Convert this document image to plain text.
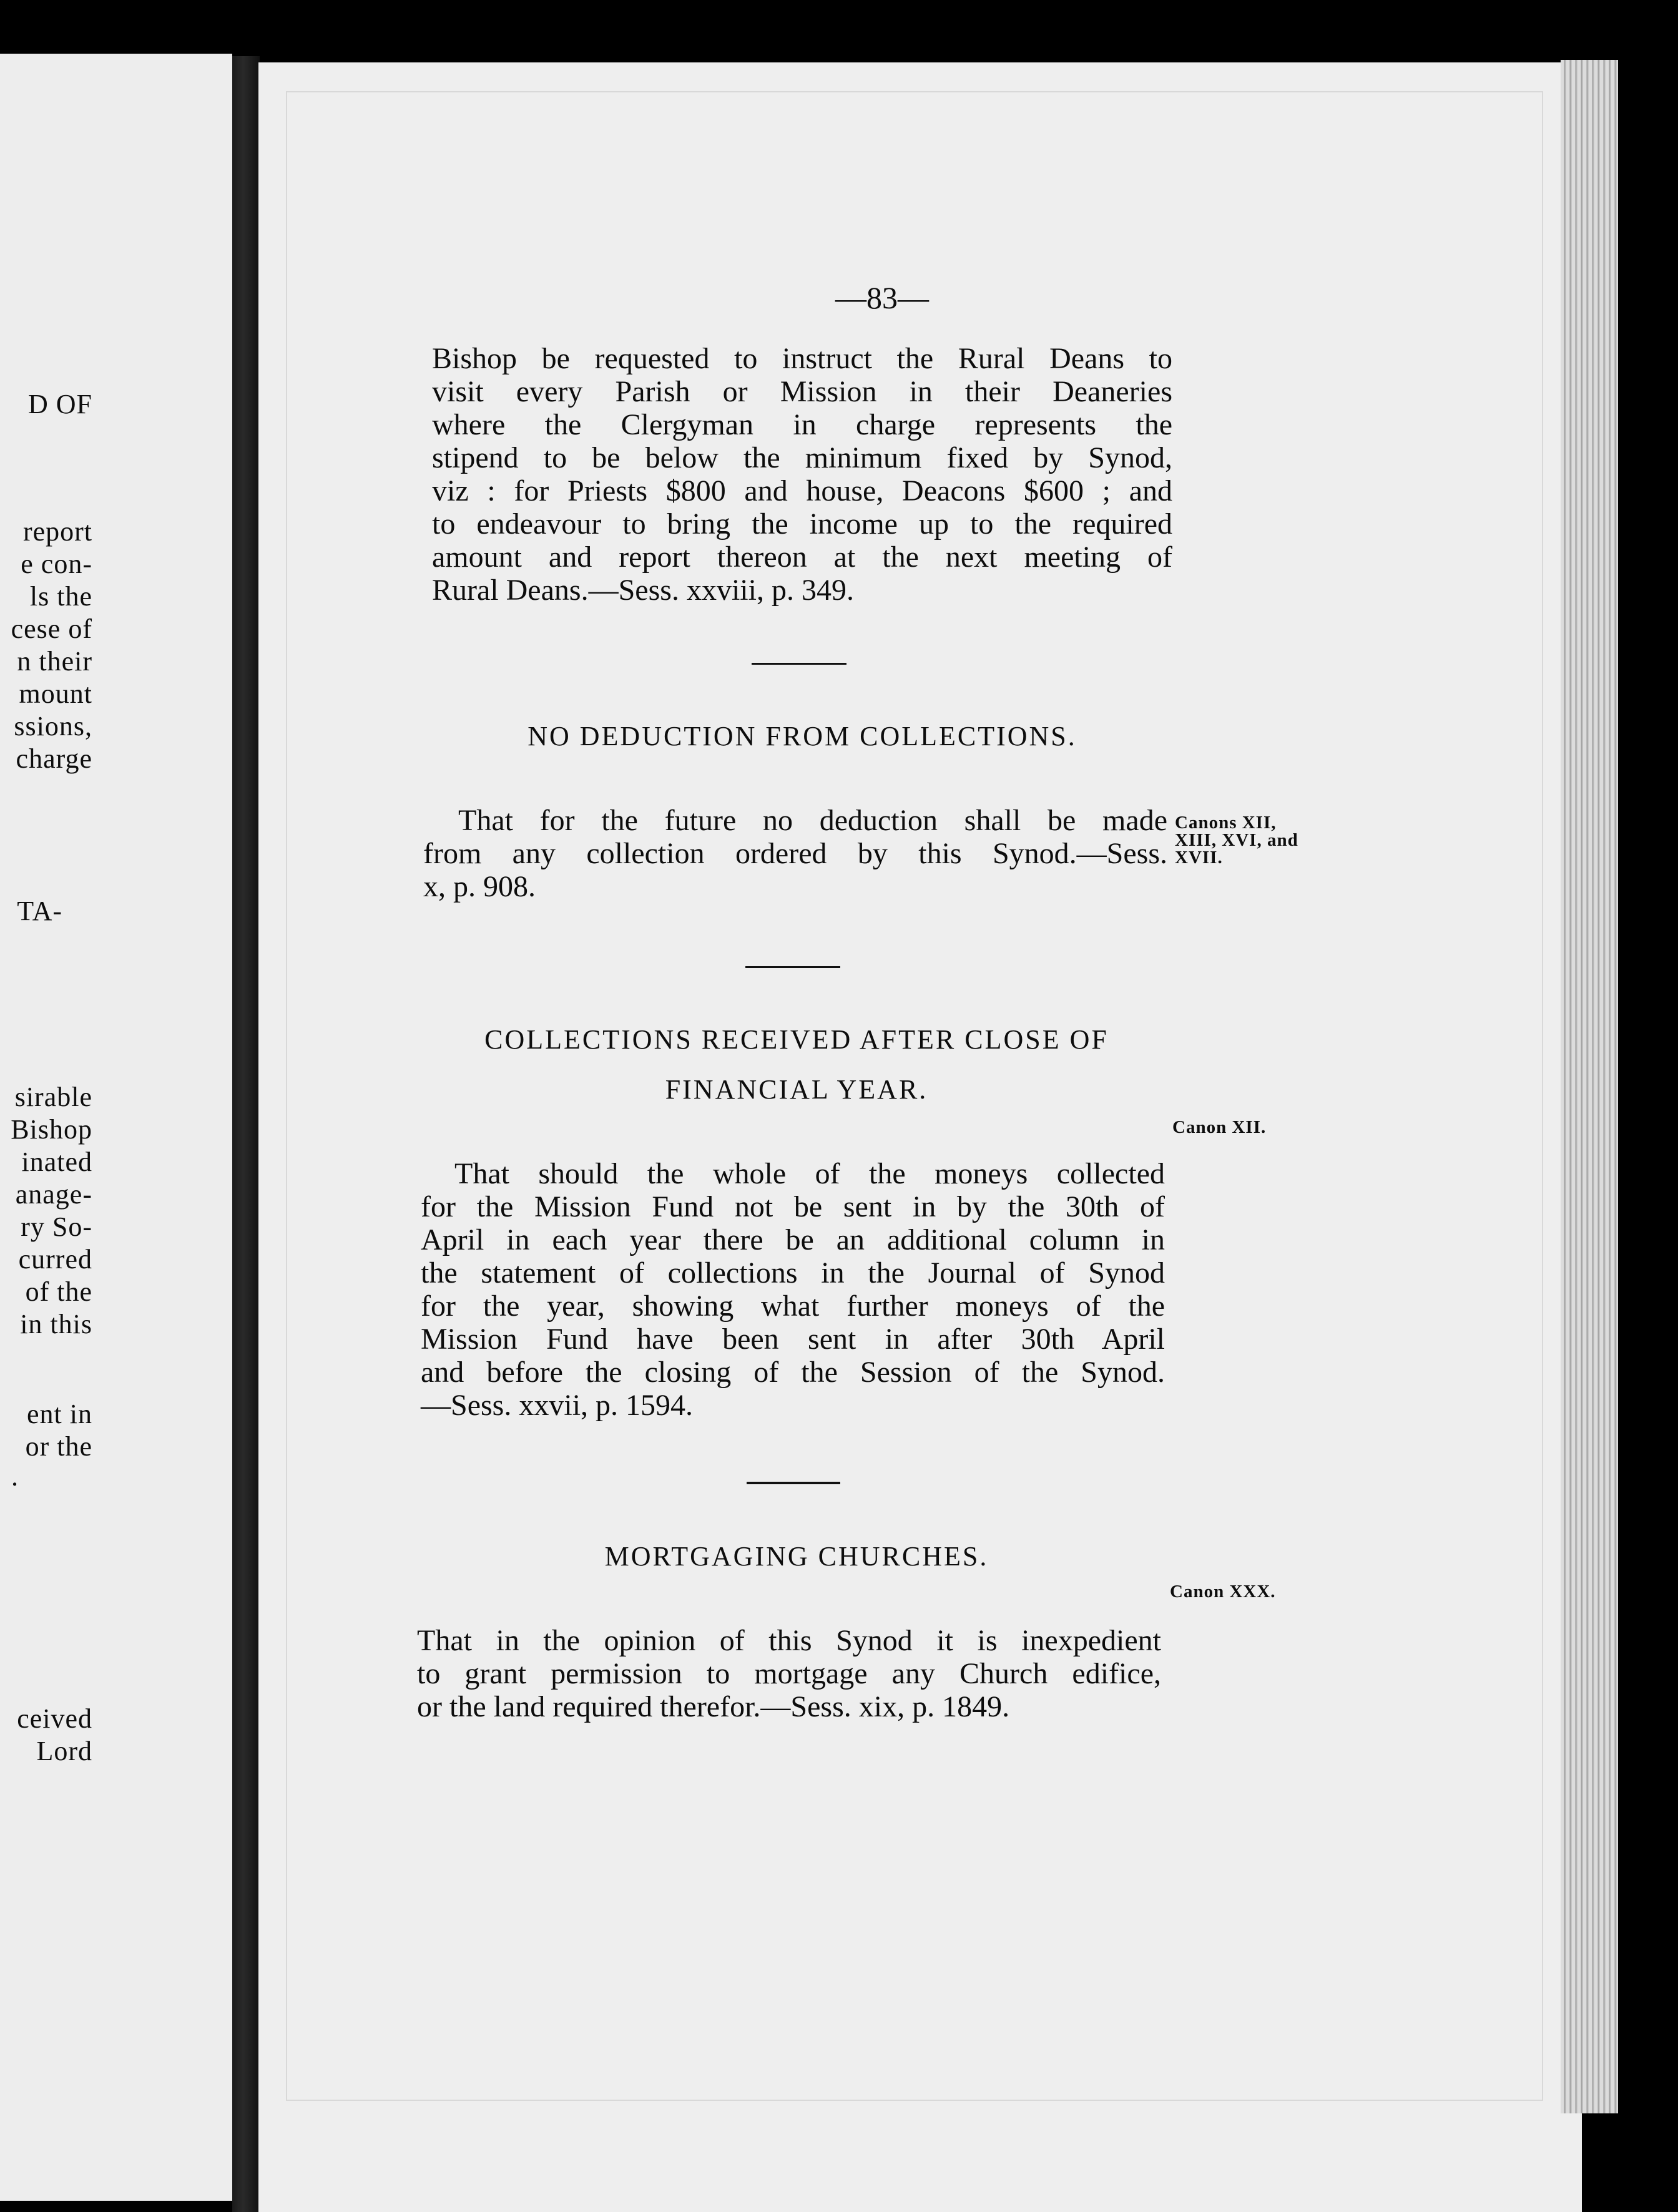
D OF
report
e con-
ls the
cese of
n their
mount
ssions,
charge
TA-
sirable
Bishop
inated
anage-
ry So-
curred
of the
in this
ent in
or the
.
ceived
Lord
—83—
Bishop be requested to instruct the Rural Deans to
visit every Parish or Mission in their Deaneries
where the Clergyman in charge represents the
stipend to be below the minimum fixed by Synod,
viz : for Priests $800 and house, Deacons $600 ; and
to endeavour to bring the income up to the required
amount and report thereon at the next meeting of
Rural Deans.—Sess. xxviii, p. 349.
NO DEDUCTION FROM COLLECTIONS.
That for the future no deduction shall be made
from any collection ordered by this Synod.—Sess.
x, p. 908.
Canons XII,
XIII, XVI, and
XVII.
COLLECTIONS RECEIVED AFTER CLOSE OF
FINANCIAL YEAR.
Canon XII.
That should the whole of the moneys collected
for the Mission Fund not be sent in by the 30th of
April in each year there be an additional column in
the statement of collections in the Journal of Synod
for the year, showing what further moneys of the
Mission Fund have been sent in after 30th April
and before the closing of the Session of the Synod.
—Sess. xxvii, p. 1594.
MORTGAGING CHURCHES.
Canon XXX.
That in the opinion of this Synod it is inexpedient
to grant permission to mortgage any Church edifice,
or the land required therefor.—Sess. xix, p. 1849.
